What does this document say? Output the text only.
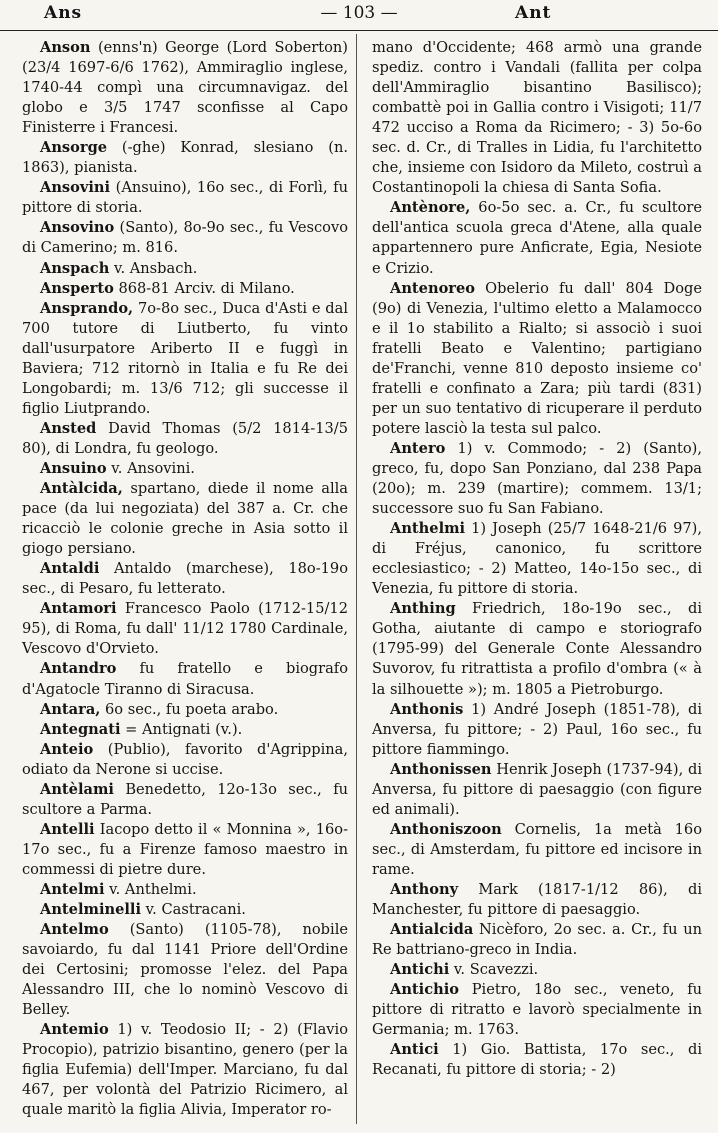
Ans	— 103 —	Ant

Anson (enns'n) George (Lord Soberton) (23/4 1697-6/6 1762), Ammiraglio inglese, 1740-44 compì una circumnavigaz. del globo e 3/5 1747 sconfisse al Capo Finisterre i Francesi.

Ansorge (-ghe) Konrad, slesiano (n. 1863), pianista.

Ansovini (Ansuino), 16o sec., di Forlì, fu pittore di storia.

Ansovino (Santo), 8o-9o sec., fu Vescovo di Camerino; m. 816.

Anspach v. Ansbach.

Ansperto 868-81 Arciv. di Milano.

Ansprando, 7o-8o sec., Duca d'Asti e dal 700 tutore di Liutberto, fu vinto dall'usurpatore Ariberto II e fuggì in Baviera; 712 ritornò in Italia e fu Re dei Longobardi; m. 13/6 712; gli successe il figlio Liutprando.

Ansted David Thomas (5/2 1814-13/5 80), di Londra, fu geologo.

Ansuino v. Ansovini.

Antàlcida, spartano, diede il nome alla pace (da lui negoziata) del 387 a. Cr. che ricacciò le colonie greche in Asia sotto il giogo persiano.

Antaldi Antaldo (marchese), 18o-19o sec., di Pesaro, fu letterato.

Antamori Francesco Paolo (1712-15/12 95), di Roma, fu dall' 11/12 1780 Cardinale, Vescovo d'Orvieto.

Antandro fu fratello e biografo d'Agatocle Tiranno di Siracusa.

Antara, 6o sec., fu poeta arabo.

Antegnati = Antignati (v.).

Anteio (Publio), favorito d'Agrippina, odiato da Nerone si uccise.

Antèlami Benedetto, 12o-13o sec., fu scultore a Parma.

Antelli Iacopo detto il « Monnina », 16o-17o sec., fu a Firenze famoso maestro in commessi di pietre dure.

Antelmi v. Anthelmi.

Antelminelli v. Castracani.

Antelmo (Santo) (1105-78), nobile savoiardo, fu dal 1141 Priore dell'Ordine dei Certosini; promosse l'elez. del Papa Alessandro III, che lo nominò Vescovo di Belley.

Antemio 1) v. Teodosio II; - 2) (Flavio Procopio), patrizio bisantino, genero (per la figlia Eufemia) dell'Imper. Marciano, fu dal 467, per volontà del Patrizio Ricimero, al quale maritò la figlia Alivia, Imperator ro-

mano d'Occidente; 468 armò una grande spediz. contro i Vandali (fallita per colpa dell'Ammiraglio bisantino Basilisco); combattè poi in Gallia contro i Visigoti; 11/7 472 ucciso a Roma da Ricimero; - 3) 5o-6o sec. d. Cr., di Tralles in Lidia, fu l'architetto che, insieme con Isidoro da Mileto, costruì a Costantinopoli la chiesa di Santa Sofia.

Antènore, 6o-5o sec. a. Cr., fu scultore dell'antica scuola greca d'Atene, alla quale appartennero pure Anficrate, Egia, Nesiote e Crizio.

Antenoreo Obelerio fu dall' 804 Doge (9o) di Venezia, l'ultimo eletto a Malamocco e il 1o stabilito a Rialto; si associò i suoi fratelli Beato e Valentino; partigiano de'Franchi, venne 810 deposto insieme co' fratelli e confinato a Zara; più tardi (831) per un suo tentativo di ricuperare il perduto potere lasciò la testa sul palco.

Antero 1) v. Commodo; - 2) (Santo), greco, fu, dopo San Ponziano, dal 238 Papa (20o); m. 239 (martire); commem. 13/1; successore suo fu San Fabiano.

Anthelmi 1) Joseph (25/7 1648-21/6 97), di Fréjus, canonico, fu scrittore ecclesiastico; - 2) Matteo, 14o-15o sec., di Venezia, fu pittore di storia.

Anthing Friedrich, 18o-19o sec., di Gotha, aiutante di campo e storiografo (1795-99) del Generale Conte Alessandro Suvorov, fu ritrattista a profilo d'ombra (« à la silhouette »); m. 1805 a Pietroburgo.

Anthonis 1) André Joseph (1851-78), di Anversa, fu pittore; - 2) Paul, 16o sec., fu pittore fiammingo.

Anthonissen Henrik Joseph (1737-94), di Anversa, fu pittore di paesaggio (con figure ed animali).

Anthoniszoon Cornelis, 1a metà 16o sec., di Amsterdam, fu pittore ed incisore in rame.

Anthony Mark (1817-1/12 86), di Manchester, fu pittore di paesaggio.

Antialcida Nicèforo, 2o sec. a. Cr., fu un Re battriano-greco in India.

Antichi v. Scavezzi.

Antichio Pietro, 18o sec., veneto, fu pittore di ritratto e lavorò specialmente in Germania; m. 1763.

Antici 1) Gio. Battista, 17o sec., di Recanati, fu pittore di storia; - 2)
